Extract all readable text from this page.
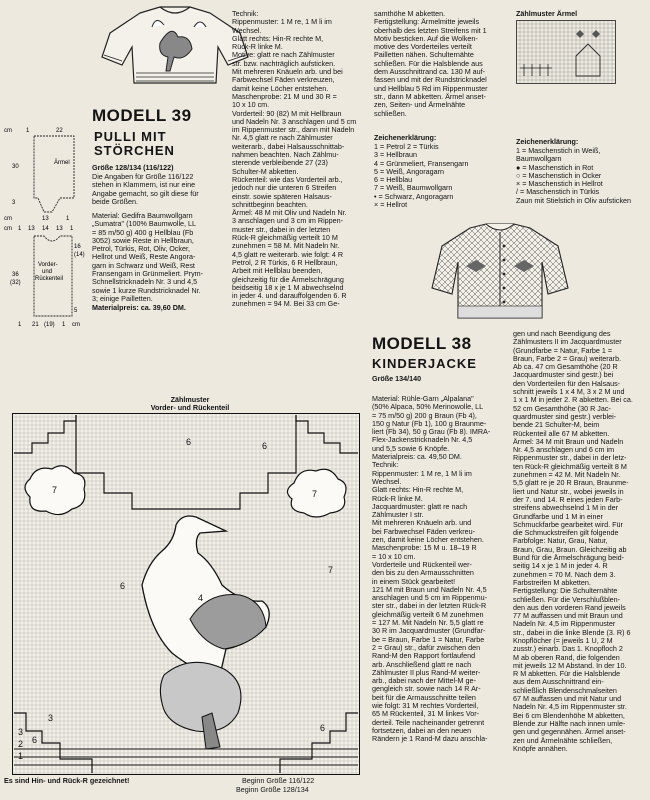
MODELL 39
PULLI MIT
STÖRCHEN
Größe 128/134 (116/122)
Die Angaben für Größe 116/122
stehen in Klammern, ist nur eine
Angabe gemacht, so gilt diese für
beide Größen.
Material: Gedifra Baumwollgarn
„Sumatra" (100% Baumwolle, LL
= 85 m/50 g) 400 g Hellblau (Fb
3052) sowie Reste in Hellbraun,
Petrol, Türkis, Rot, Oliv, Ocker,
Hellrot und Weiß, Reste Angora-
garn in Schwarz und Weiß, Rest
Fransengarn in Grünmeliert. Prym-
Schnellstricknadeln Nr. 3 und 4,5
sowie 1 kurze Rundstricknadel Nr.
3; einige Pailletten.
Materialpreis: ca. 39,60 DM.
cm 1	22
30
Ärmel
3
cm	13	1
cm 1 13 14 13 1
16
(14)
5
Vorder-
und
Rückenteil
36
(32)
1 21 (19) 1 cm
Technik:
Rippenmuster: 1 M re, 1 M li im
Wechsel.
Glatt rechts: Hin-R rechte M,
Rück-R linke M.
Motive: glatt re nach Zählmuster
str. bzw. nachträglich aufsticken.
Mit mehreren Knäueln arb. und bei
Farbwechsel Fäden verkreuzen,
damit keine Löcher entstehen.
Maschenprobe: 21 M und 30 R =
10 x 10 cm.
Vorderteil: 90 (82) M mit Hellbraun
und Nadeln Nr. 3 anschlagen und 5 cm
im Rippenmuster str., dann mit Nadeln
Nr. 4,5 glatt re nach Zählmuster
weiterarb., dabei Halsausschnittab-
nahmen beachten. Nach Zählmu-
sterende verbleibende 27 (23)
Schulter-M abketten.
Rückenteil: wie das Vorderteil arb.,
jedoch nur die unteren 6 Streifen
einstr. sowie späteren Halsaus-
schnittbeginn beachten.
Ärmel: 48 M mit Oliv und Nadeln Nr.
3 anschlagen und 3 cm im Rippen-
muster str., dabei in der letzten
Rück-R gleichmäßig verteilt 10 M
zunehmen = 58 M. Mit Nadeln Nr.
4,5 glatt re weiterarb. wie folgt: 4 R
Petrol, 2 R Türkis, 6 R Hellbraun,
Arbeit mit Hellblau beenden,
gleichzeitig für die Ärmelschrägung
beidseitig 18 x je 1 M abwechselnd
in jeder 4. und darauffolgenden 6. R
zunehmen = 94 M. Bei 33 cm Ge-
samthöhe M abketten.
Fertigstellung: Ärmelmitte jeweils
oberhalb des letzten Streifens mit 1
Motiv besticken. Auf die Wolken-
motive des Vorderteiles verteilt
Pailletten nähen. Schulternähte
schließen. Für die Halsblende aus
dem Ausschnittrand ca. 130 M auf-
fassen und mit der Rundstricknadel
und Hellblau 5 Rd im Rippenmuster
str., dann M abketten. Ärmel anset-
zen, Seiten- und Ärmelnähte
schließen.
Zeichenerklärung:
1 = Petrol 2 = Türkis
3 = Hellbraun
4 = Grünmeliert, Fransengarn
5 = Weiß, Angoragarn
6 = Hellblau
7 = Weiß, Baumwollgarn
• = Schwarz, Angoragarn
× = Hellrot
Zählmuster Ärmel
Zeichenerklärung:
1 = Maschenstich in Weiß,
Baumwollgarn
● = Maschenstich in Rot
○ = Maschenstich in Ocker
× = Maschenstich in Hellrot
/ = Maschenstich in Türkis
Zaun mit Stielstich in Oliv aufsticken
MODELL 38
KINDERJACKE
Größe 134/140
Material: Rühle-Garn „Alpalana"
(50% Alpaca, 50% Merinowolle, LL
= 75 m/50 g) 200 g Braun (Fb 4),
150 g Natur (Fb 1), 100 g Braunme-
liert (Fb 34), 50 g Grau (Fb 8). IMRA-
Flex-Jackenstricknadeln Nr. 4,5
und 5,5 sowie 6 Knöpfe.
Materialpreis: ca. 49,50 DM.
Technik:
Rippenmuster: 1 M re, 1 M li im
Wechsel.
Glatt rechts: Hin-R rechte M,
Rück-R linke M.
Jacquardmuster: glatt re nach
Zählmuster I str.
Mit mehreren Knäueln arb. und
bei Farbwechsel Fäden verkreu-
zen, damit keine Löcher entstehen.
Maschenprobe: 15 M u. 18–19 R
= 10 x 10 cm.
Vorderteile und Rückenteil wer-
den bis zu den Armausschnitten
in einem Stück gearbeitet!
121 M mit Braun und Nadeln Nr. 4,5
anschlagen und 5 cm im Rippenmu-
ster str., dabei in der letzten Rück-R
gleichmäßig verteilt 6 M zunehmen
= 127 M. Mit Nadeln Nr. 5,5 glatt re
30 R im Jacquardmuster (Grundfar-
be = Braun, Farbe 1 = Natur, Farbe
2 = Grau) str., dafür zwischen den
Rand-M den Rapport fortlaufend
arb. Anschließend glatt re nach
Zählmuster II plus Rand-M weiter-
arb., dabei nach der Mittel-M ge-
gengleich str. sowie nach 14 R Ar-
beit für die Armausschnitte teilen
wie folgt: 31 M rechtes Vorderteil,
65 M Rückenteil, 31 M linkes Vor-
derteil. Teile nacheinander getrennt
fortsetzen, dabei an den neuen
Rändern je 1 Rand-M dazu anschla-
gen und nach Beendigung des
Zählmusters II im Jacquardmuster
(Grundfarbe = Natur, Farbe 1 =
Braun, Farbe 2 = Grau) weiterarb.
Ab ca. 47 cm Gesamthöhe (20 R
Jacquardmuster sind gestr.) bei
den Vorderteilen für den Halsaus-
schnitt jeweils 1 x 4 M, 3 x 2 M und
1 x 1 M in jeder 2. R abketten. Bei ca.
52 cm Gesamthöhe (30 R Jac-
quardmuster sind gestr.) verblei-
bende 21 Schulter-M, beim
Rückenteil alle 67 M abketten.
Ärmel: 34 M mit Braun und Nadeln
Nr. 4,5 anschlagen und 6 cm im
Rippenmuster str., dabei in der letz-
ten Rück-R gleichmäßig verteilt 8 M
zunehmen = 42 M. Mit Nadeln Nr.
5,5 glatt re je 20 R Braun, Braunme-
liert und Natur str., wobei jeweils in
der 7. und 14. R eines jeden Farb-
streifens abwechselnd 1 M in der
Grundfarbe und 1 M in einer
Schmuckfarbe gearbeitet wird. Für
die Schmuckstreifen gilt folgende
Farbfolge: Natur, Grau, Natur,
Braun, Grau, Braun. Gleichzeitig ab
Bund für die Ärmelschrägung beid-
seitig 14 x je 1 M in jeder 4. R
zunehmen = 70 M. Nach dem 3.
Farbstreifen M abketten.
Fertigstellung: Die Schulternähte
schließen. Für die Verschlußblen-
den aus den vorderen Rand jeweils
77 M auffassen und mit Braun und
Nadeln Nr. 4,5 im Rippenmuster
str., dabei in die linke Blende (3. R) 6
Knopflöcher (= jeweils 1 U, 2 M
zusstr.) einarb. Das 1. Knopfloch 2
M ab oberen Rand, die folgenden
mit jeweils 12 M Abstand. In der 10.
R M abketten. Für die Halsblende
aus dem Ausschnittrand ein-
schließlich Blendenschmalseiten
67 M auffassen und mit Natur und
Nadeln Nr. 4,5 im Rippenmuster str.
Bei 6 cm Blendenhöhe M abketten,
Blende zur Hälfte nach innen umle-
gen und gegennähen. Ärmel anset-
zen und Ärmelnähte schließen,
Knöpfe annähen.
Zählmuster
Vorder- und Rückenteil
7	7
6
6
7
4
3
6
6
3
2
1
6
Es sind Hin- und Rück-R gezeichnet!	Beginn Größe 116/122
Beginn Größe 128/134
